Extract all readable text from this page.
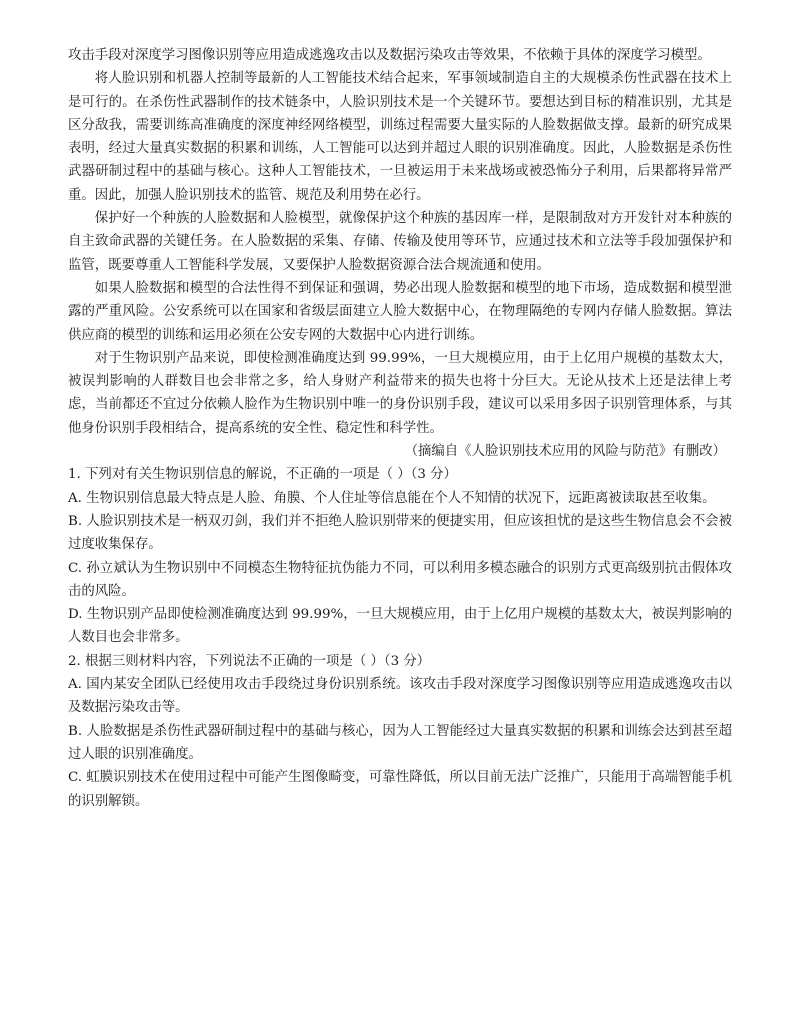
攻击手段对深度学习图像识别等应用造成逃逸攻击以及数据污染攻击等效果，不依赖于具体的深度学习模型。

将人脸识别和机器人控制等最新的人工智能技术结合起来，军事领域制造自主的大规模杀伤性武器在技术上是可行的。在杀伤性武器制作的技术链条中，人脸识别技术是一个关键环节。要想达到目标的精准识别，尤其是区分敌我，需要训练高准确度的深度神经网络模型，训练过程需要大量实际的人脸数据做支撑。最新的研究成果表明，经过大量真实数据的积累和训练，人工智能可以达到并超过人眼的识别准确度。因此，人脸数据是杀伤性武器研制过程中的基础与核心。这种人工智能技术，一旦被运用于未来战场或被恐怖分子利用，后果都将异常严重。因此，加强人脸识别技术的监管、规范及利用势在必行。

保护好一个种族的人脸数据和人脸模型，就像保护这个种族的基因库一样，是限制敌对方开发针对本种族的自主致命武器的关键任务。在人脸数据的采集、存储、传输及使用等环节，应通过技术和立法等手段加强保护和监管，既要尊重人工智能科学发展，又要保护人脸数据资源合法合规流通和使用。

如果人脸数据和模型的合法性得不到保证和强调，势必出现人脸数据和模型的地下市场，造成数据和模型泄露的严重风险。公安系统可以在国家和省级层面建立人脸大数据中心，在物理隔绝的专网内存储人脸数据。算法供应商的模型的训练和运用必须在公安专网的大数据中心内进行训练。

对于生物识别产品来说，即使检测准确度达到 99.99%，一旦大规模应用，由于上亿用户规模的基数太大，被误判影响的人群数目也会非常之多，给人身财产利益带来的损失也将十分巨大。无论从技术上还是法律上考虑，当前都还不宜过分依赖人脸作为生物识别中唯一的身份识别手段，建议可以采用多因子识别管理体系，与其他身份识别手段相结合，提高系统的安全性、稳定性和科学性。

（摘编自《人脸识别技术应用的风险与防范》有删改）

1. 下列对有关生物识别信息的解说，不正确的一项是（ ）（3 分）

A. 生物识别信息最大特点是人脸、角膜、个人住址等信息能在个人不知情的状况下，远距离被读取甚至收集。

B. 人脸识别技术是一柄双刃剑，我们并不拒绝人脸识别带来的便捷实用，但应该担忧的是这些生物信息会不会被过度收集保存。

C. 孙立斌认为生物识别中不同模态生物特征抗伪能力不同，可以利用多模态融合的识别方式更高级别抗击假体攻击的风险。

D. 生物识别产品即使检测准确度达到 99.99%，一旦大规模应用，由于上亿用户规模的基数太大，被误判影响的人数目也会非常多。

2. 根据三则材料内容，下列说法不正确的一项是（ ）（3 分）

A. 国内某安全团队已经使用攻击手段绕过身份识别系统。该攻击手段对深度学习图像识别等应用造成逃逸攻击以及数据污染攻击等。

B. 人脸数据是杀伤性武器研制过程中的基础与核心，因为人工智能经过大量真实数据的积累和训练会达到甚至超过人眼的识别准确度。

C. 虹膜识别技术在使用过程中可能产生图像畸变，可靠性降低，所以目前无法广泛推广，只能用于高端智能手机的识别解锁。
